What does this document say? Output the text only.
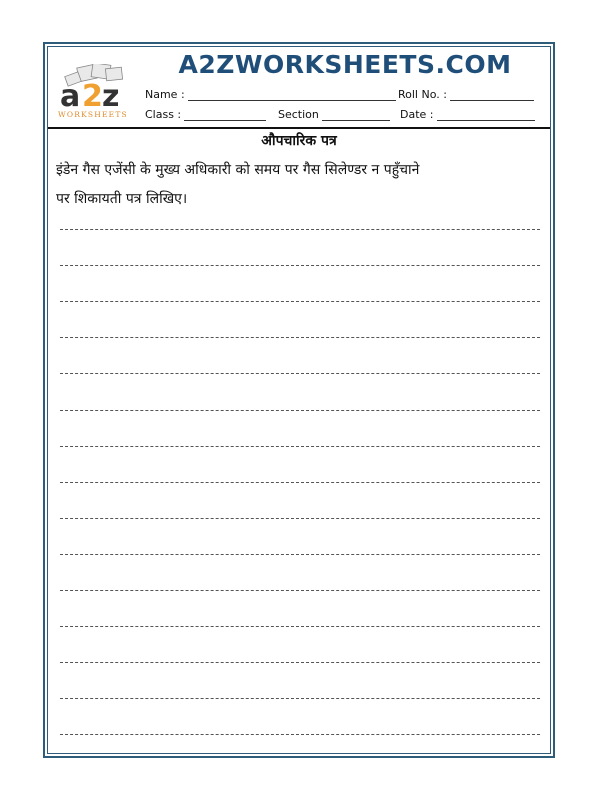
a 2 z
WORKSHEETS
A2ZWORKSHEETS.COM
Name :	Roll No. :
Class :	Section	Date :
औपचारिक पत्र
इंडेन गैस एजेंसी के मुख्य अधिकारी को समय पर गैस सिलेण्डर न पहुँचाने
पर शिकायती पत्र लिखिए।
